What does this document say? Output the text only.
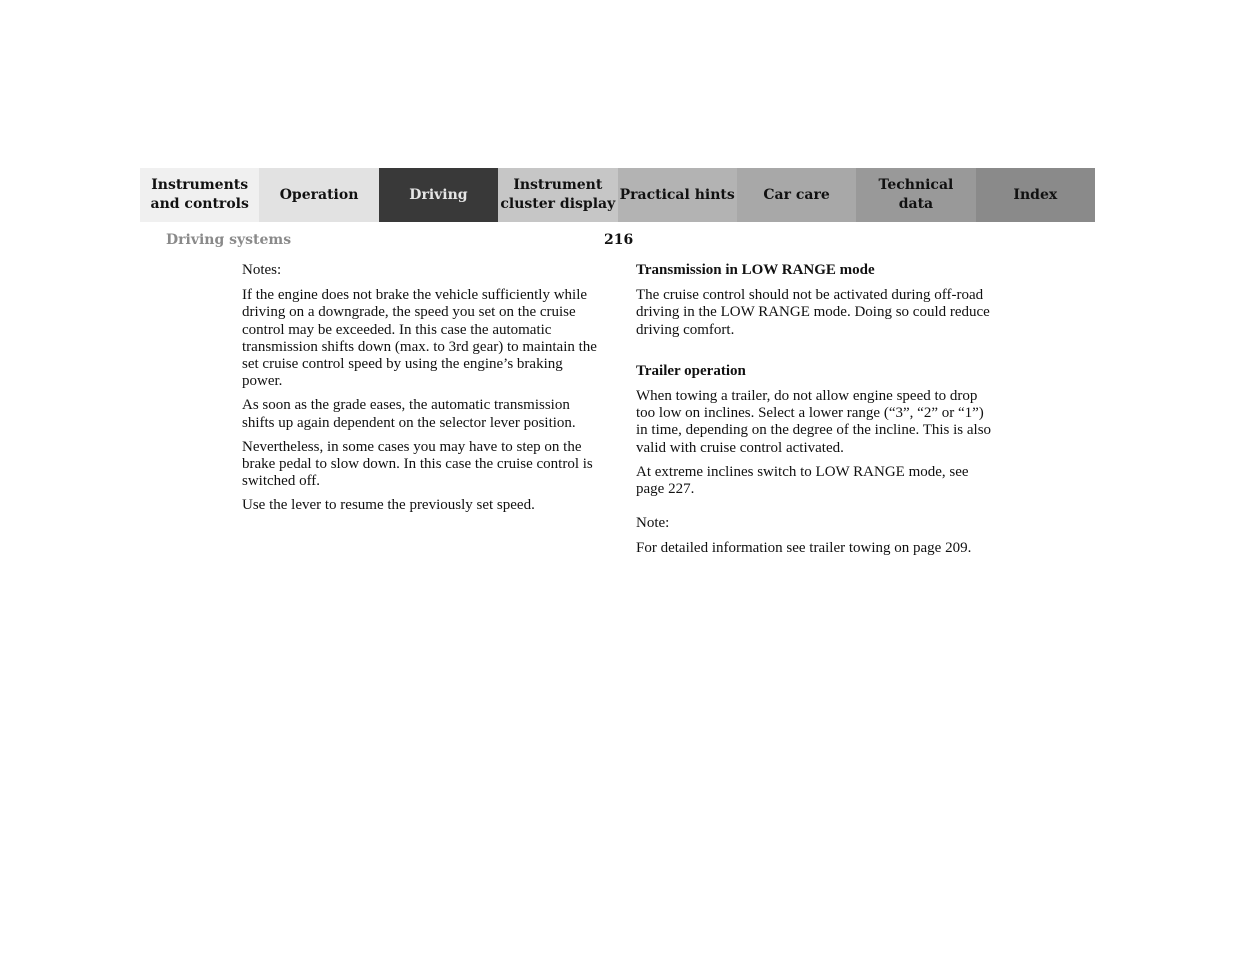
Instruments
and controls
Operation	Driving
Instrument
cluster display
Practical hints	Car care
Technical
data
Index
Driving systems	216

Notes:

If the engine does not brake the vehicle sufficiently while driving on a downgrade, the speed you set on the cruise control may be exceeded. In this case the automatic transmission shifts down (max. to 3rd gear) to maintain the set cruise control speed by using the engine’s braking power.

As soon as the grade eases, the automatic transmission shifts up again dependent on the selector lever position.

Nevertheless, in some cases you may have to step on the brake pedal to slow down. In this case the cruise control is switched off.

Use the lever to resume the previously set speed.

Transmission in LOW RANGE mode

The cruise control should not be activated during off-road driving in the LOW RANGE mode. Doing so could reduce driving comfort.

Trailer operation

When towing a trailer, do not allow engine speed to drop too low on inclines. Select a lower range (“3”, “2” or “1”) in time, depending on the degree of the incline. This is also valid with cruise control activated.

At extreme inclines switch to LOW RANGE mode, see page 227.

Note:

For detailed information see trailer towing on page 209.
